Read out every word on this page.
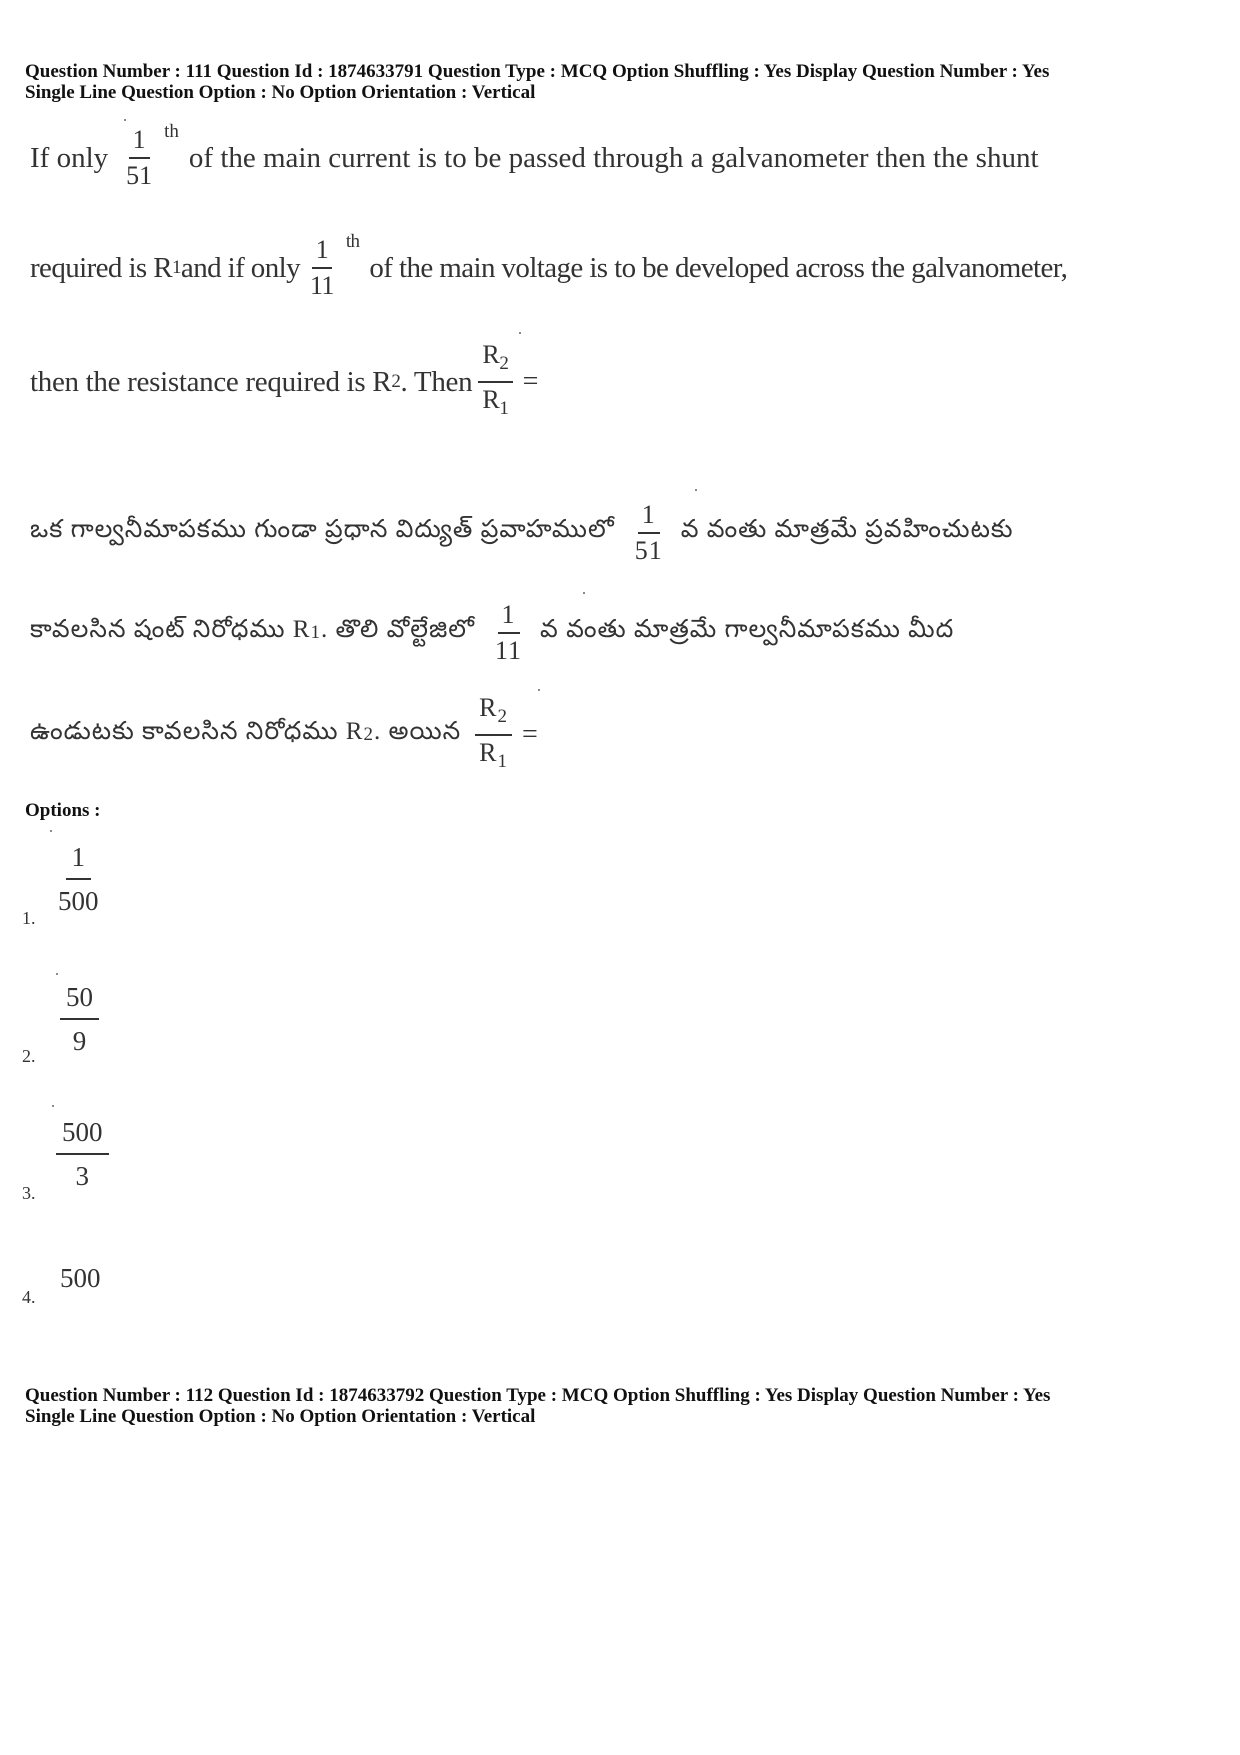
Question Number : 111 Question Id : 1874633791 Question Type : MCQ Option Shuffling : Yes Display Question Number : Yes
Single Line Question Option : No Option Orientation : Vertical
If only $\frac{1}{51}$ th
of the main current is to be passed through a galvanometer then the shunt
required is R 1 and if only $\frac{1}{11}$ th
of the main voltage is to be developed across the galvanometer,
then the resistance required is R 2 . Then $\frac{R_2}{R_1}$ =
ఒక గాల్వనీమాపకము గుండా ప్రధాన విద్యుత్ ప్రవాహములో $\frac{1}{51}$ వ వంతు మాత్రమే ప్రవహించుటకు
కావలసిన షంట్ నిరోధము R 1 . తొలి వోల్టేజిలో $\frac{1}{11}$ వ వంతు మాత్రమే గాల్వనీమాపకము మీద
ఉండుటకు కావలసిన నిరోధము R 2 . అయిన $\frac{R_2}{R_1}$ =
Options :
1. $\frac{1}{500}$
2. $\frac{50}{9}$
3. $\frac{500}{3}$
4.
500
Question Number : 112 Question Id : 1874633792 Question Type : MCQ Option Shuffling : Yes Display Question Number : Yes
Single Line Question Option : No Option Orientation : Vertical
